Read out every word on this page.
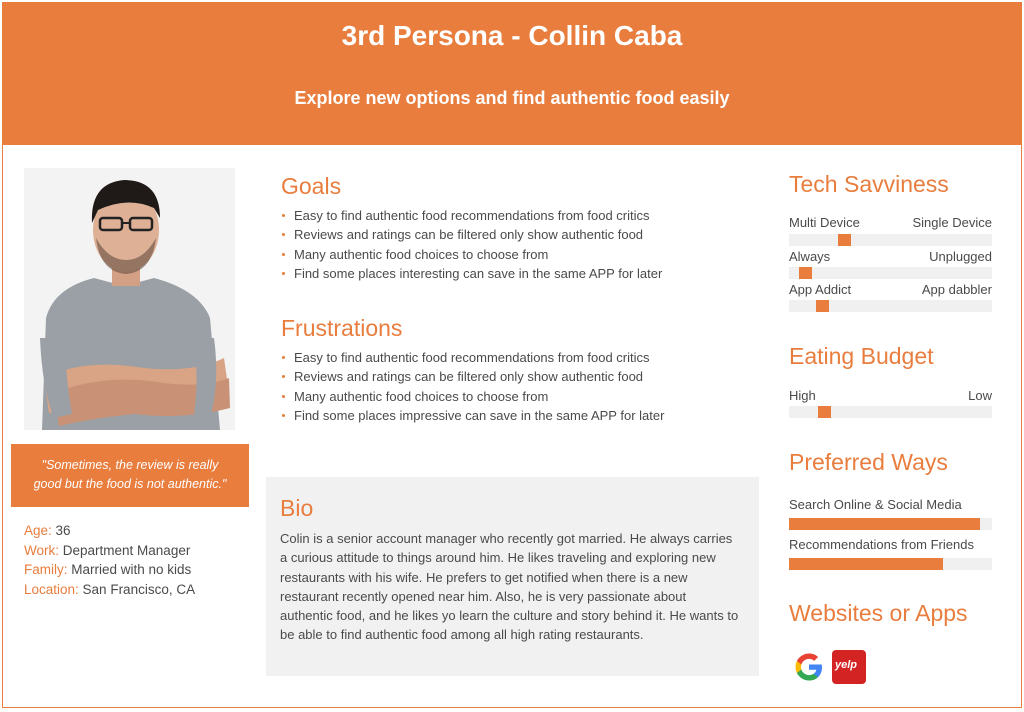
3rd Persona - Collin Caba
Explore new options and find authentic food easily
"Sometimes, the review is really
good but the food is not authentic."
Age: 36
Work: Department Manager
Family: Married with no kids
Location: San Francisco, CA
Goals
Easy to find authentic food recommendations from food critics
Reviews and ratings can be filtered only show authentic food
Many authentic food choices to choose from
Find some places interesting can save in the same APP for later
Frustrations
Easy to find authentic food recommendations from food critics
Reviews and ratings can be filtered only show authentic food
Many authentic food choices to choose from
Find some places impressive can save in the same APP for later
Bio
Colin is a senior account manager who recently got married. He always carries a curious attitude to things around him. He likes traveling and exploring new restaurants with his wife. He prefers to get notified when there is a new restaurant recently opened near him. Also, he is very passionate about authentic food, and he likes yo learn the culture and story behind it. He wants to be able to find authentic food among all high rating restaurants.
Tech Savviness
Multi Device	Single Device
Always	Unplugged
App Addict	App dabbler
Eating Budget
High	Low
Preferred Ways
Search Online & Social Media
Recommendations from Friends
Websites or Apps
yelp
